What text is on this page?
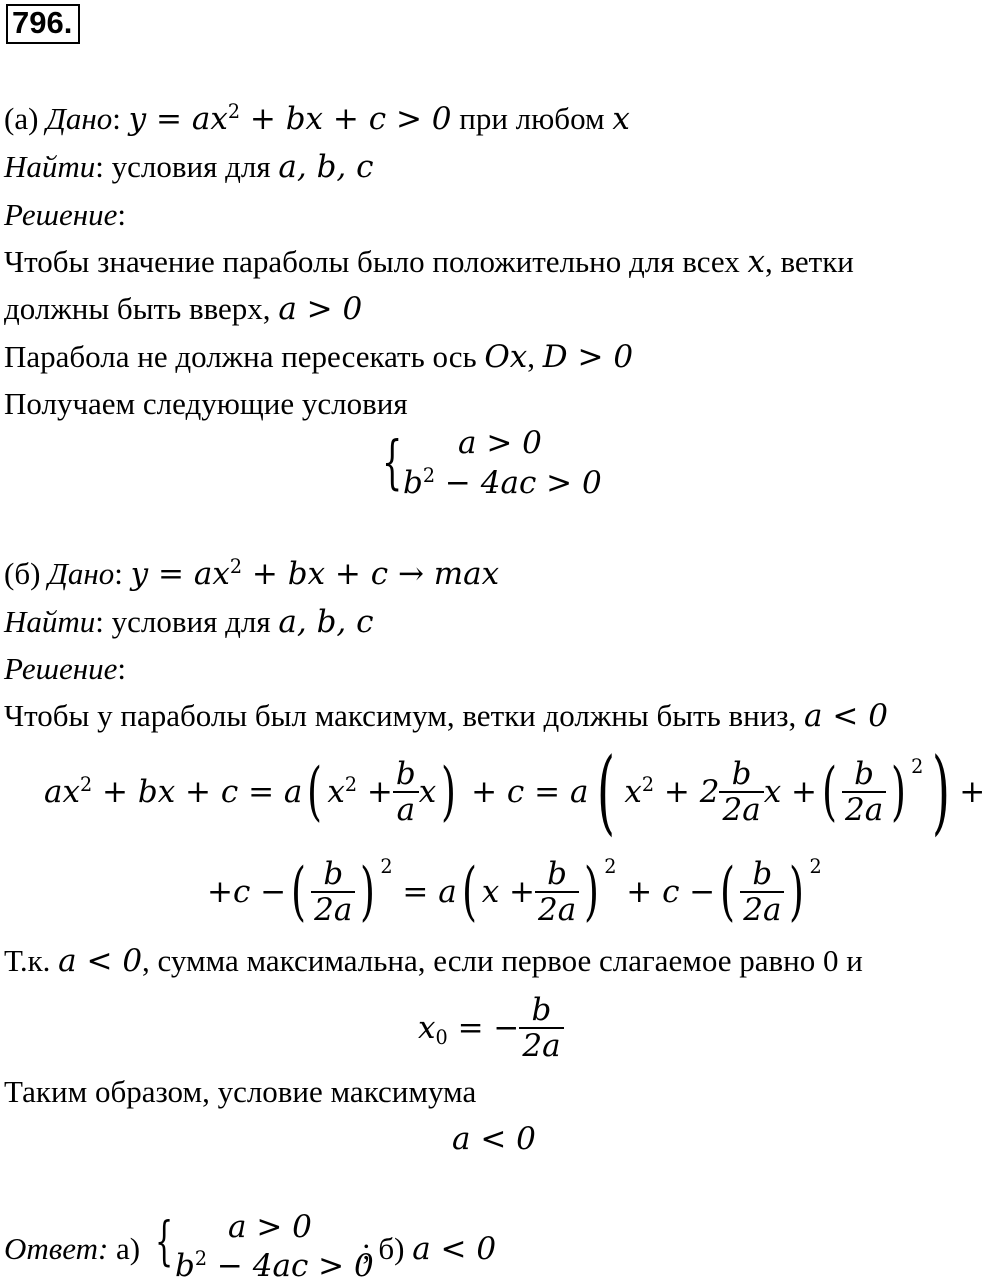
796.
(а) Дано: $y = ax^2$ + bx + c > 0 при любом x
Найти: условия для a, b, c
Решение:
Чтобы значение параболы было положительно для всех x, ветки
должны быть вверх, a > 0
Парабола не должна пересекать ось Ox, D > 0
Получаем следующие условия
{ a > 0
$b^2 - 4ac > 0$
(б) Дано: $y = ax^2$ + bx + c → max
Найти: условия для a, b, c
Решение:
Чтобы у параболы был максимум, ветки должны быть вниз, a < 0
$ax^2$ + bx + c = a ( $x^2 + \frac{b}{a}$ x ) + c = a ( $x^2 + 2 \frac{b}{2a}$ x + ( $\frac{b}{2a}$ ) 2 ) +
+c − ( $\frac{b}{2a}$ ) 2
= a ( $x + \frac{b}{2a}$ ) 2
+ c − ( $\frac{b}{2a}$ ) 2
Т.к. a < 0, сумма максимальна, если первое слагаемое равно 0 и
$x_0$ = − $\frac{b}{2a}$
Таким образом, условие максимума
a < 0
Ответ: а) { a > 0
$b^2 - 4ac > 0$
; б) a < 0
